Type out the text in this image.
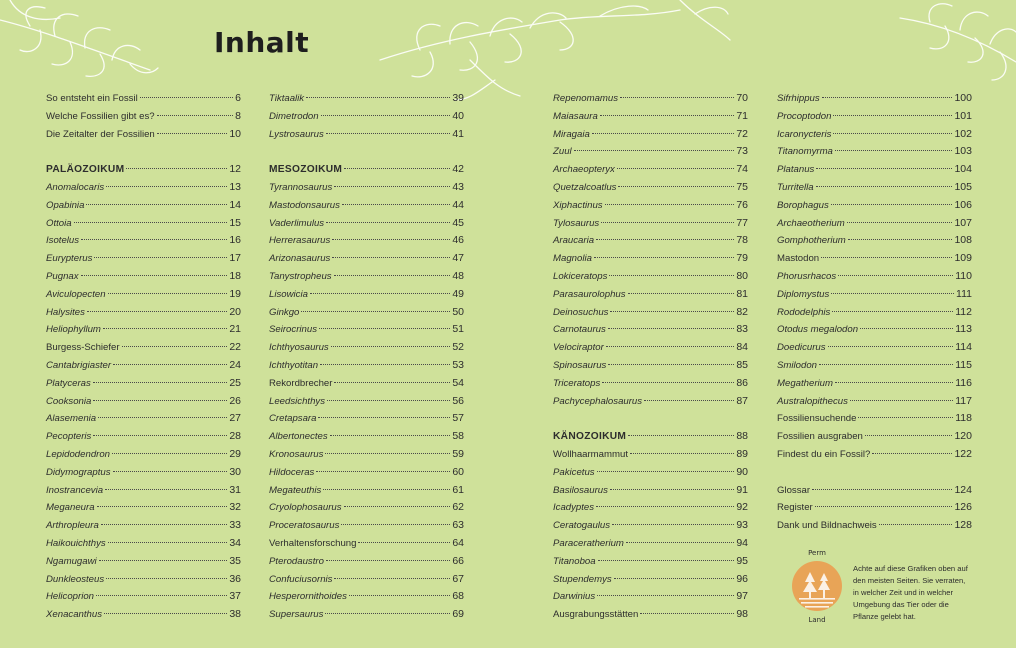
Inhalt
So entsteht ein Fossil	6
Welche Fossilien gibt es?	8
Die Zeitalter der Fossilien	10
PALÄOZOIKUM	12
Anomalocaris	13
Opabinia	14
Ottoia	15
Isotelus	16
Eurypterus	17
Pugnax	18
Aviculopecten	19
Halysites	20
Heliophyllum	21
Burgess-Schiefer	22
Cantabrigiaster	24
Platyceras	25
Cooksonia	26
Alasemenia	27
Pecopteris	28
Lepidodendron	29
Didymograptus	30
Inostrancevia	31
Meganeura	32
Arthropleura	33
Haikouichthys	34
Ngamugawi	35
Dunkleosteus	36
Helicoprion	37
Xenacanthus	38
Tiktaalik	39
Dimetrodon	40
Lystrosaurus	41
MESOZOIKUM	42
Tyrannosaurus	43
Mastodonsaurus	44
Vaderlimulus	45
Herrerasaurus	46
Arizonasaurus	47
Tanystropheus	48
Lisowicia	49
Ginkgo	50
Seirocrinus	51
Ichthyosaurus	52
Ichthyotitan	53
Rekordbrecher	54
Leedsichthys	56
Cretapsara	57
Albertonectes	58
Kronosaurus	59
Hildoceras	60
Megateuthis	61
Cryolophosaurus	62
Proceratosaurus	63
Verhaltensforschung	64
Pterodaustro	66
Confuciusornis	67
Hesperornithoides	68
Supersaurus	69
Repenomamus	70
Maiasaura	71
Miragaia	72
Zuul	73
Archaeopteryx	74
Quetzalcoatlus	75
Xiphactinus	76
Tylosaurus	77
Araucaria	78
Magnolia	79
Lokiceratops	80
Parasaurolophus	81
Deinosuchus	82
Carnotaurus	83
Velociraptor	84
Spinosaurus	85
Triceratops	86
Pachycephalosaurus	87
KÄNOZOIKUM	88
Wollhaarmammut	89
Pakicetus	90
Basilosaurus	91
Icadyptes	92
Ceratogaulus	93
Paraceratherium	94
Titanoboa	95
Stupendemys	96
Darwinius	97
Ausgrabungsstätten	98
Sifrhippus	100
Procoptodon	101
Icaronycteris	102
Titanomyrma	103
Platanus	104
Turritella	105
Borophagus	106
Archaeotherium	107
Gomphotherium	108
Mastodon	109
Phorusrhacos	110
Diplomystus	111
Rododelphis	112
Otodus megalodon	113
Doedicurus	114
Smilodon	115
Megatherium	116
Australopithecus	117
Fossiliensuchende	118
Fossilien ausgraben	120
Findest du ein Fossil?	122
Glossar	124
Register	126
Dank und Bildnachweis	128
Perm
Land
Achte auf diese Grafiken oben auf den meisten Seiten. Sie verraten, in welcher Zeit und in welcher Umgebung das Tier oder die Pflanze gelebt hat.
